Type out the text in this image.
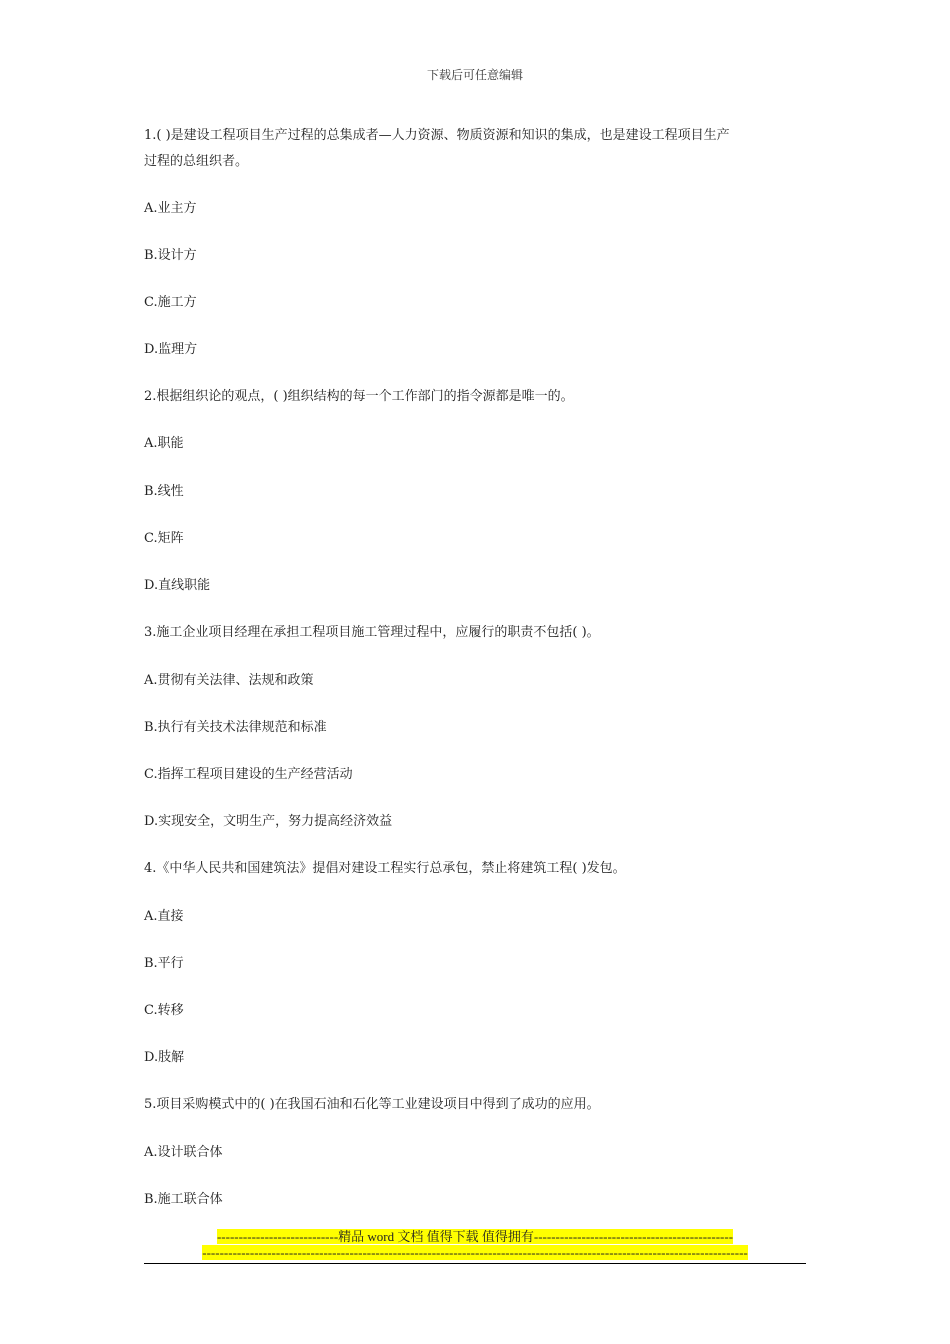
下载后可任意编辑
1.( )是建设工程项目生产过程的总集成者—人力资源、物质资源和知识的集成，也是建设工程项目生产
过程的总组织者。
A.业主方
B.设计方
C.施工方
D.监理方
2.根据组织论的观点，( )组织结构的每一个工作部门的指令源都是唯一的。
A.职能
B.线性
C.矩阵
D.直线职能
3.施工企业项目经理在承担工程项目施工管理过程中，应履行的职责不包括( )。
A.贯彻有关法律、法规和政策
B.执行有关技术法律规范和标准
C.指挥工程项目建设的生产经营活动
D.实现安全，文明生产，努力提高经济效益
4.《中华人民共和国建筑法》提倡对建设工程实行总承包，禁止将建筑工程( )发包。
A.直接
B.平行
C.转移
D.肢解
5.项目采购模式中的( )在我国石油和石化等工业建设项目中得到了成功的应用。
A.设计联合体
B.施工联合体
----------------------------精品 word 文档 值得下载 值得拥有----------------------------------------------
------------------------------------------------------------------------------------------------------------------------------
